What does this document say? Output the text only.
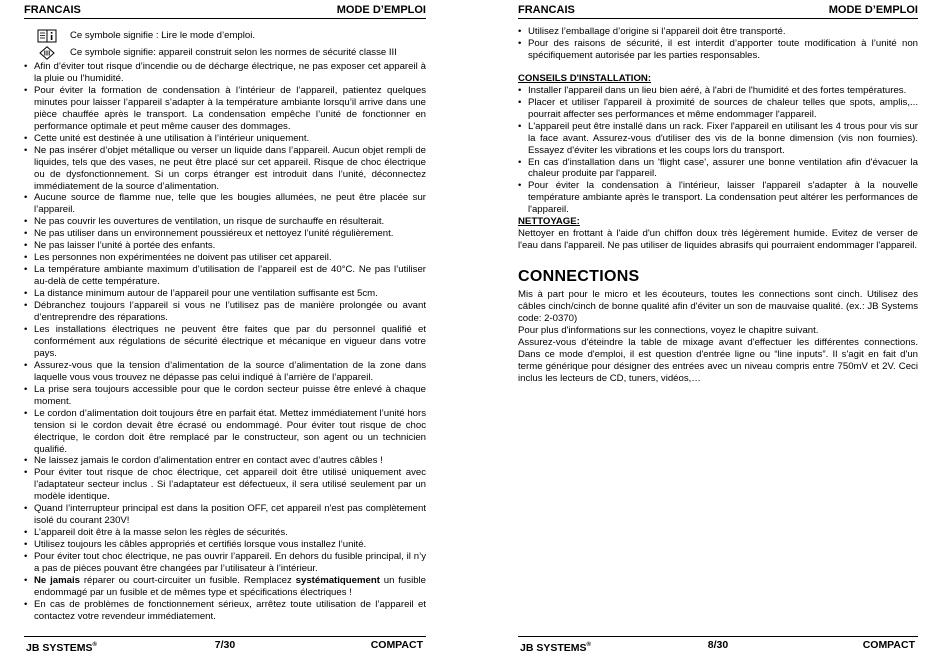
FRANCAIS	MODE D’EMPLOI
Ce symbole signifie : Lire le mode d’emploi.
Ce symbole signifie: appareil construit selon les normes de sécurité classe III
• Afin d’éviter tout risque d’incendie ou de décharge électrique, ne pas exposer cet appareil à la pluie ou l’humidité.
• Pour éviter la formation de condensation à l’intérieur de l’appareil, patientez quelques minutes pour laisser l’appareil s’adapter à la température ambiante lorsqu’il arrive dans une pièce chauffée après le transport. La condensation empêche l’unité de fonctionner en performance optimale et peut même causer des dommages.
• Cette unité est destinée à une utilisation à l’intérieur uniquement.
• Ne pas insérer d’objet métallique ou verser un liquide dans l’appareil. Aucun objet rempli de liquides, tels que des vases, ne peut être placé sur cet appareil. Risque de choc électrique ou de dysfonctionnement. Si un corps étranger est introduit dans l’unité, déconnectez immédiatement de la source d’alimentation.
• Aucune source de flamme nue, telle que les bougies allumées, ne peut être placée sur l’appareil.
• Ne pas couvrir les ouvertures de ventilation, un risque de surchauffe en résulterait.
• Ne pas utiliser dans un environnement poussiéreux et nettoyez l’unité régulièrement.
• Ne pas laisser l’unité à portée des enfants.
• Les personnes non expérimentées ne doivent pas utiliser cet appareil.
• La température ambiante maximum d’utilisation de l’appareil est de 40°C. Ne pas l’utiliser au-delà de cette température.
• La distance minimum autour de l’appareil pour une ventilation suffisante est 5cm.
• Débranchez toujours l’appareil si vous ne l’utilisez pas de manière prolongée ou avant d’entreprendre des réparations.
• Les installations électriques ne peuvent être faites que par du personnel qualifié et conformément aux régulations de sécurité électrique et mécanique en vigueur dans votre pays.
• Assurez-vous que la tension d’alimentation de la source d’alimentation de la zone dans laquelle vous vous trouvez ne dépasse pas celui indiqué à l’arrière de l’appareil.
• La prise sera toujours accessible pour que le cordon secteur puisse être enlevé à chaque moment.
• Le cordon d’alimentation doit toujours être en parfait état. Mettez immédiatement l’unité hors tension si le cordon devait être écrasé ou endommagé. Pour éviter tout risque de choc électrique, le cordon doit être remplacé par le constructeur, son agent ou un technicien qualifié.
• Ne laissez jamais le cordon d’alimentation entrer en contact avec d’autres câbles !
• Pour éviter tout risque de choc électrique, cet appareil doit être utilisé uniquement avec l’adaptateur secteur inclus . Si l’adaptateur est défectueux, il sera utilisé seulement par un modèle identique.
• Quand l’interrupteur principal est dans la position OFF, cet appareil n'est pas complètement isolé du courant 230V!
• L’appareil doit être à la masse selon les règles de sécurités.
• Utilisez toujours les câbles appropriés et certifiés lorsque vous installez l’unité.
• Pour éviter tout choc électrique, ne pas ouvrir l’appareil. En dehors du fusible principal, il n’y a pas de pièces pouvant être changées par l’utilisateur à l’intérieur.
• Ne jamais réparer ou court-circuiter un fusible. Remplacez systématiquement un fusible endommagé par un fusible et de mêmes type et spécifications électriques !
• En cas de problèmes de fonctionnement sérieux, arrêtez toute utilisation de l’appareil et contactez votre revendeur immédiatement.
JB SYSTEMS®	7/30	COMPACT
FRANCAIS	MODE D’EMPLOI
• Utilisez l’emballage d’origine si l’appareil doit être transporté.
• Pour des raisons de sécurité, il est interdit d’apporter toute modification à l’unité non spécifiquement autorisée par les parties responsables.
CONSEILS D'INSTALLATION:
• Installer l'appareil dans un lieu bien aéré, à l'abri de l'humidité et des fortes températures.
• Placer et utiliser l'appareil à proximité de sources de chaleur telles que spots, amplis,... pourrait affecter ses performances et même endommager l'appareil.
• L'appareil peut être installé dans un rack. Fixer l'appareil en utilisant les 4 trous pour vis sur la face avant. Assurez-vous d'utiliser des vis de la bonne dimension (vis non fournies). Essayez d'éviter les vibrations et les coups lors du transport.
• En cas d'installation dans un 'flight case', assurer une bonne ventilation afin d'évacuer la chaleur produite par l'appareil.
• Pour éviter la condensation à l'intérieur, laisser l'appareil s'adapter à la nouvelle température ambiante après le transport. La condensation peut altérer les performances de l'appareil.
NETTOYAGE:

Nettoyer en frottant à l'aide d'un chiffon doux très légèrement humide. Evitez de verser de l'eau dans l'appareil. Ne pas utiliser de liquides abrasifs qui pourraient endommager l'appareil.

CONNECTIONS

Mis à part pour le micro et les écouteurs, toutes les connections sont cinch. Utilisez des câbles cinch/cinch de bonne qualité afin d'éviter un son de mauvaise qualité. (ex.: JB Systems code: 2-0370)

Pour plus d'informations sur les connections, voyez le chapitre suivant.

Assurez-vous d'éteindre la table de mixage avant d'effectuer les différentes connections. Dans ce mode d'emploi, il est question d'entrée ligne ou “line inputs”. Il s'agit en fait d'un terme générique pour désigner des entrées avec un niveau compris entre 750mV et 2V. Ceci inclus les lecteurs de CD, tuners, vidéos,…

JB SYSTEMS®	8/30	COMPACT
